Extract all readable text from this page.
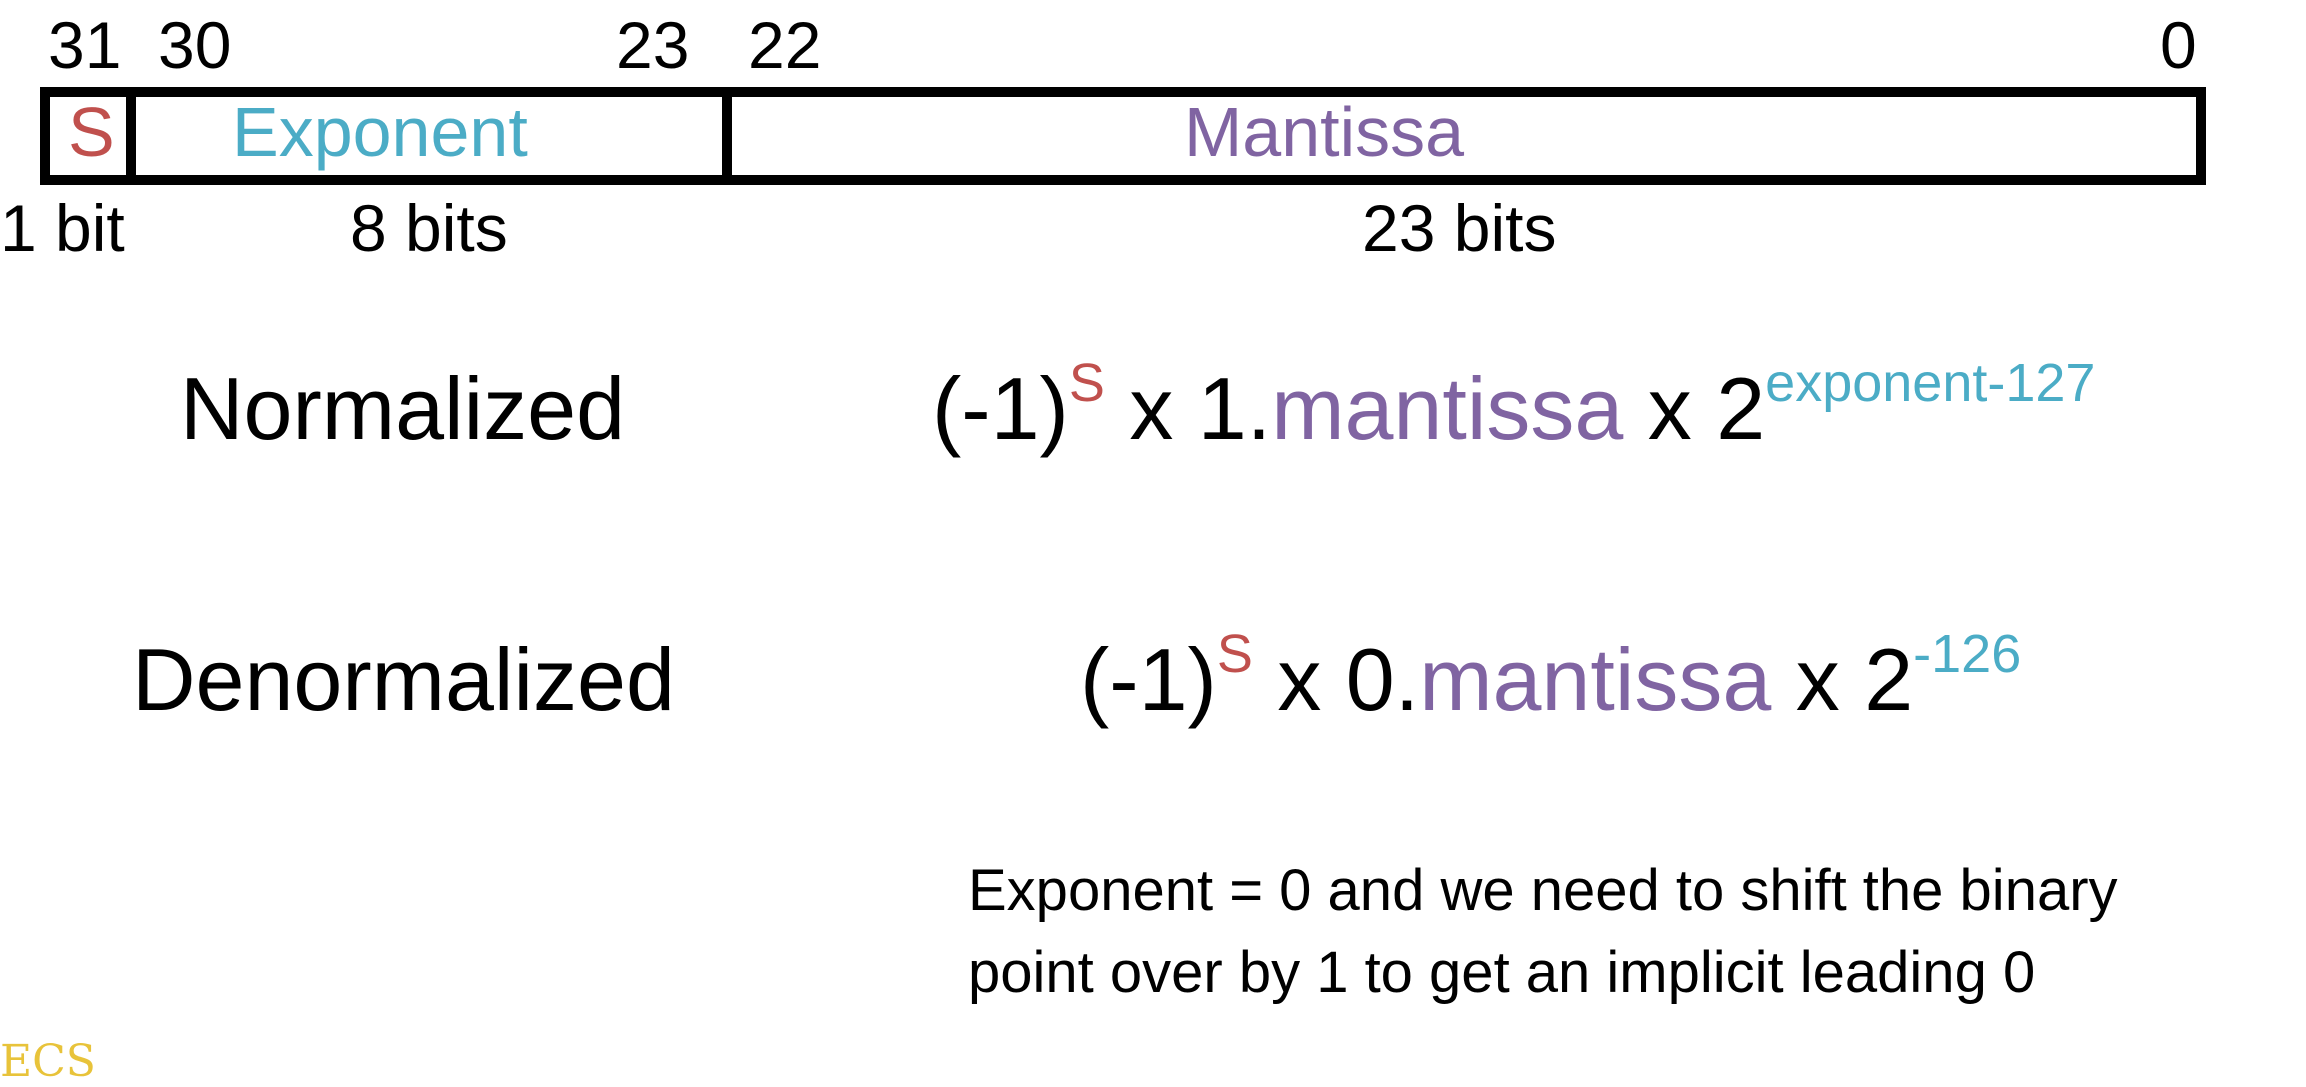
31 30	23 22	0
S Exponent	Mantissa
1 bit	8 bits	23 bits
Normalized	$(-1)^S$ x 1.mantissa x $2^{exponent-127}$
Denormalized	$(-1)^S$ x 0.mantissa x $2^{-126}$
Exponent = 0 and we need to shift the binary
point over by 1 to get an implicit leading 0
ECS
